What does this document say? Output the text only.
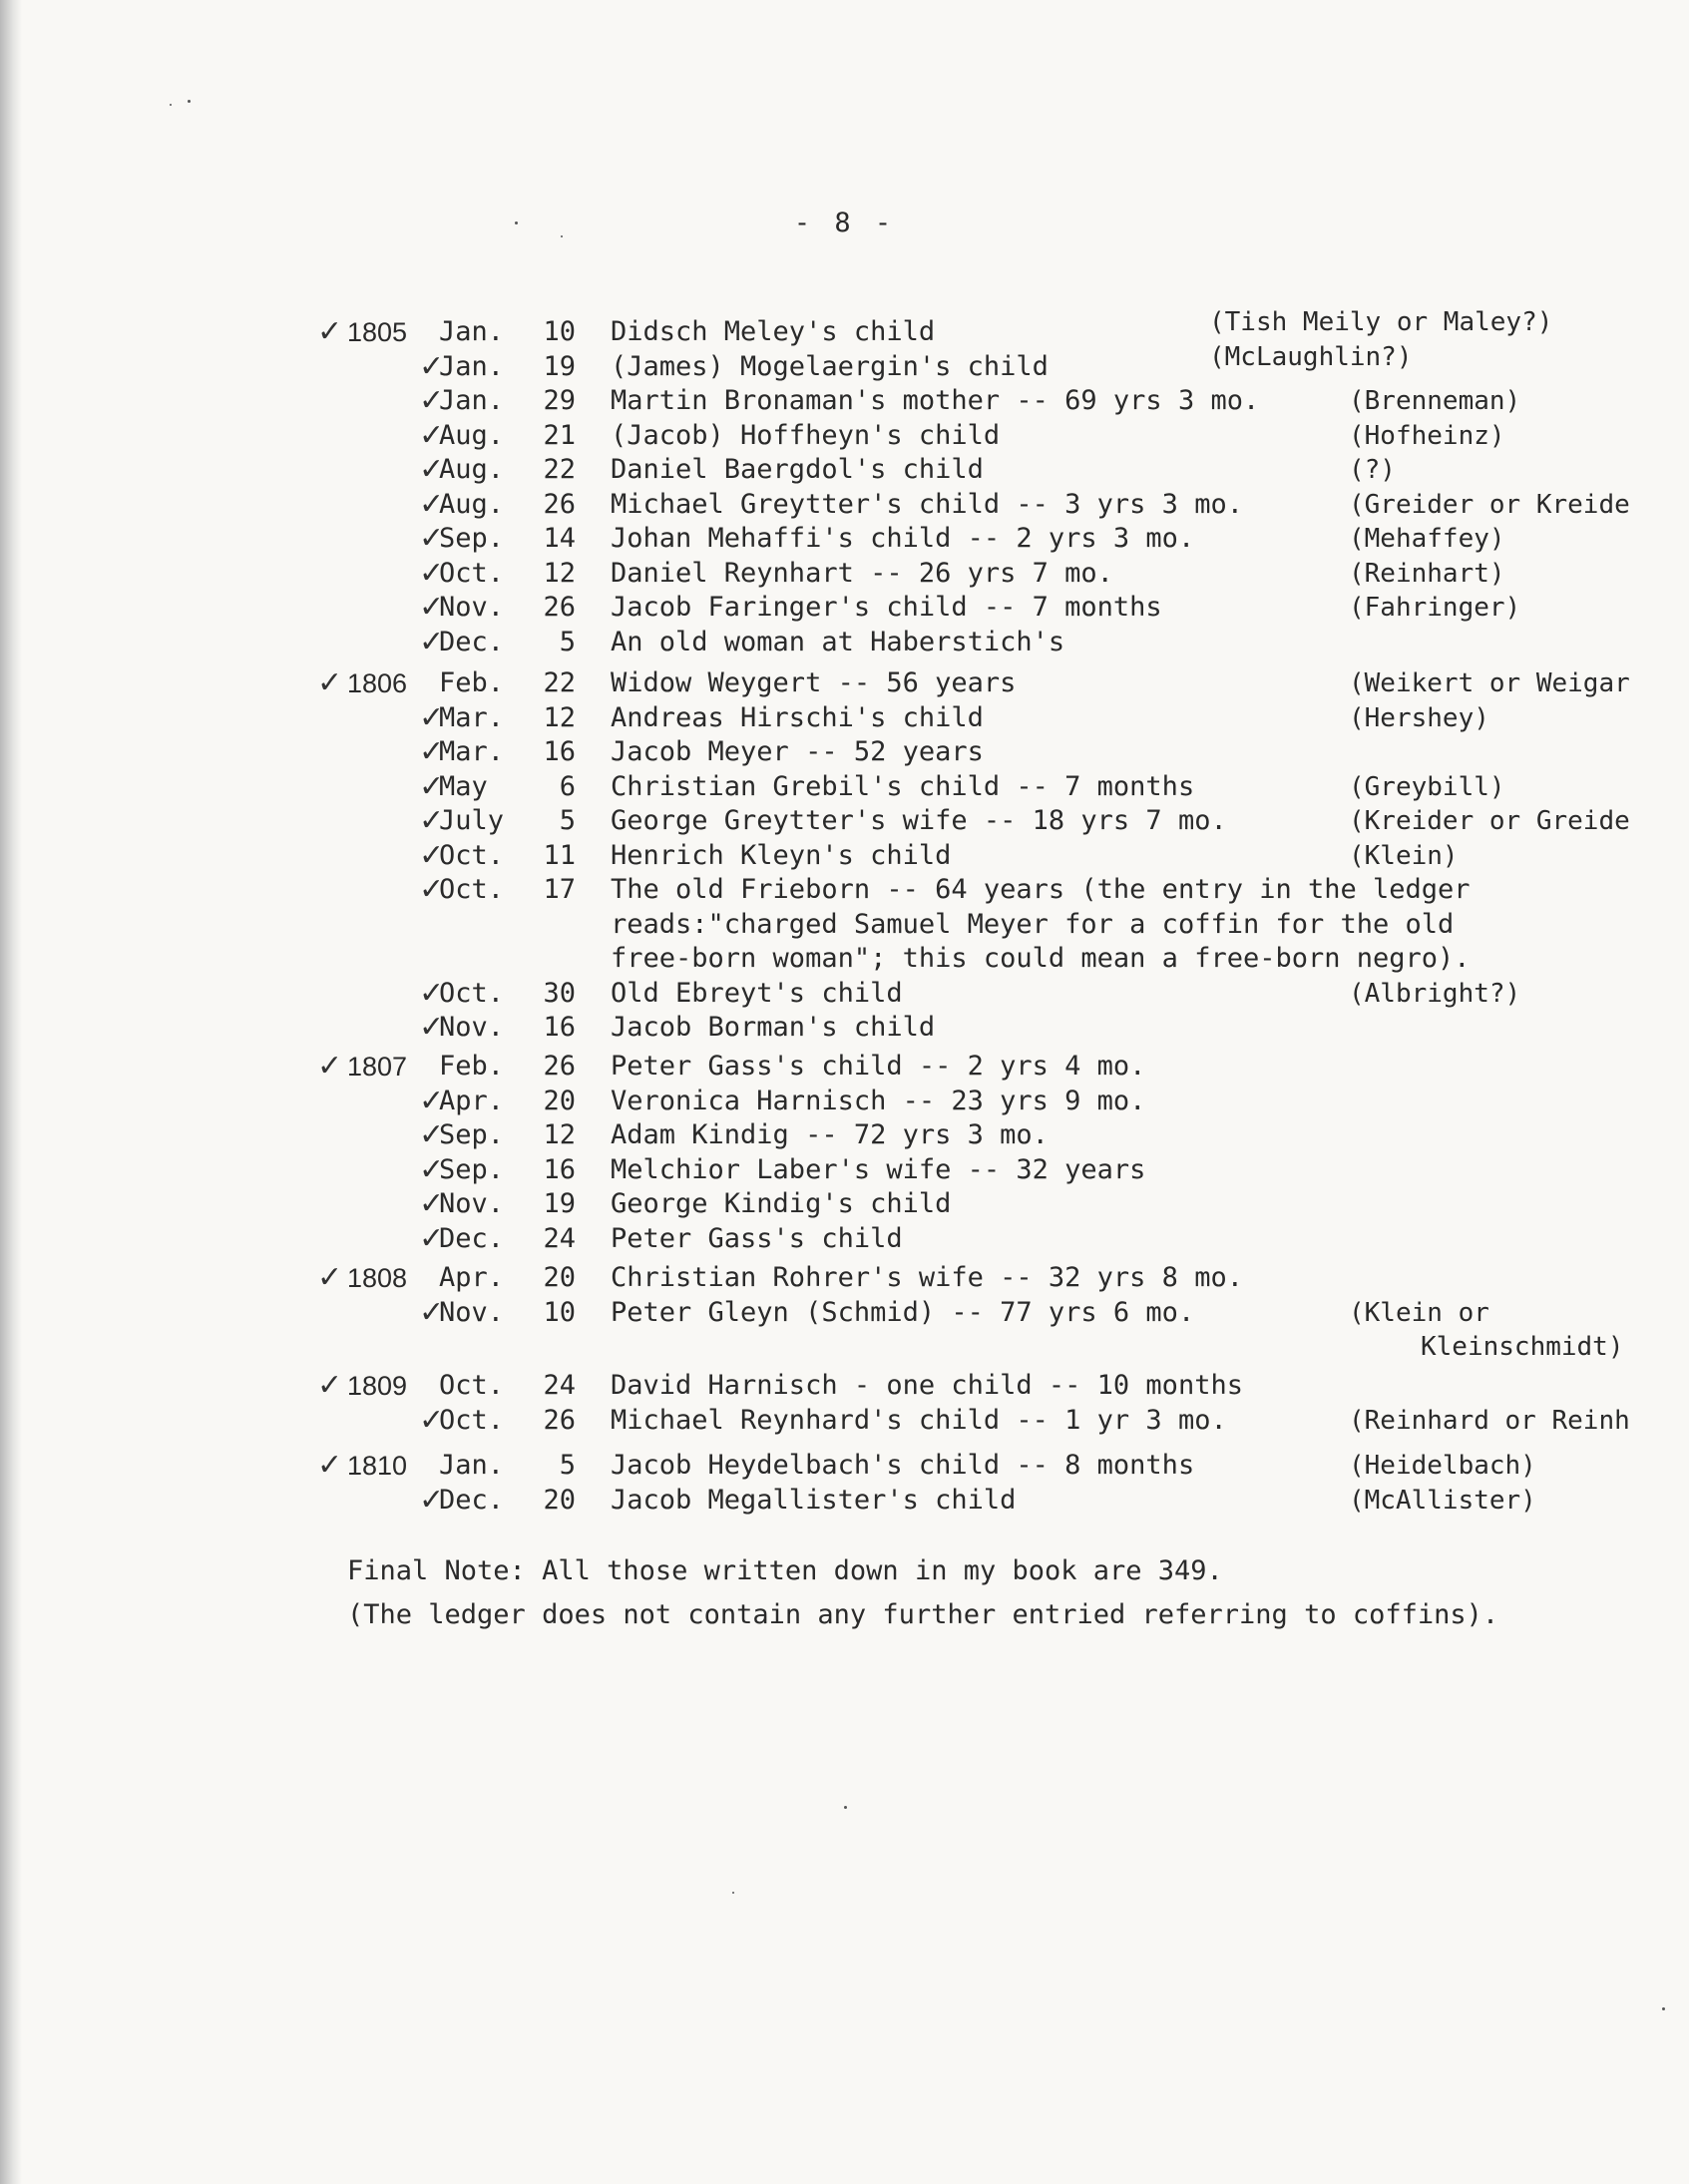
- 8 -
✓ 1805 Jan.	10 Didsch Meley's child	(Tish Meily or Maley?)
✓
Jan.	19 (James) Mogelaergin's child	(McLaughlin?)
✓
Jan.	29 Martin Bronaman's mother -- 69 yrs 3 mo.	(Brenneman)
✓
Aug.	21 (Jacob) Hoffheyn's child	(Hofheinz)
✓
Aug.	22 Daniel Baergdol's child	(?)
✓
Aug.	26 Michael Greytter's child -- 3 yrs 3 mo.	(Greider or Kreide
✓
Sep.	14 Johan Mehaffi's child -- 2 yrs 3 mo.	(Mehaffey)
✓
Oct.	12 Daniel Reynhart -- 26 yrs 7 mo.	(Reinhart)
✓
Nov.	26 Jacob Faringer's child -- 7 months	(Fahringer)
✓
Dec.	5 An old woman at Haberstich's
✓ 1806 Feb.	22 Widow Weygert -- 56 years	(Weikert or Weigar
✓
Mar.	12 Andreas Hirschi's child	(Hershey)
✓
Mar.	16 Jacob Meyer -- 52 years
✓
May	6 Christian Grebil's child -- 7 months	(Greybill)
✓
July	5 George Greytter's wife -- 18 yrs 7 mo.	(Kreider or Greide
✓
Oct.	11 Henrich Kleyn's child	(Klein)
✓
Oct.	17 The old Frieborn -- 64 years (the entry in the ledger
reads:"charged Samuel Meyer for a coffin for the old
free-born woman"; this could mean a free-born negro).
✓
Oct.	30 Old Ebreyt's child	(Albright?)
✓
Nov.	16 Jacob Borman's child
✓ 1807 Feb.	26 Peter Gass's child -- 2 yrs 4 mo.
✓
Apr.	20 Veronica Harnisch -- 23 yrs 9 mo.
✓
Sep.	12 Adam Kindig -- 72 yrs 3 mo.
✓
Sep.	16 Melchior Laber's wife -- 32 years
✓
Nov.	19 George Kindig's child
✓
Dec.	24 Peter Gass's child
✓ 1808 Apr.	20 Christian Rohrer's wife -- 32 yrs 8 mo.
✓
Nov.	10 Peter Gleyn (Schmid) -- 77 yrs 6 mo.	(Klein or
Kleinschmidt)
✓ 1809 Oct.	24 David Harnisch - one child -- 10 months
✓
Oct.	26 Michael Reynhard's child -- 1 yr 3 mo.	(Reinhard or Reinh
✓ 1810 Jan.	5 Jacob Heydelbach's child -- 8 months	(Heidelbach)
✓
Dec.	20 Jacob Megallister's child	(McAllister)
Final Note: All those written down in my book are 349.
(The ledger does not contain any further entried referring to coffins).
